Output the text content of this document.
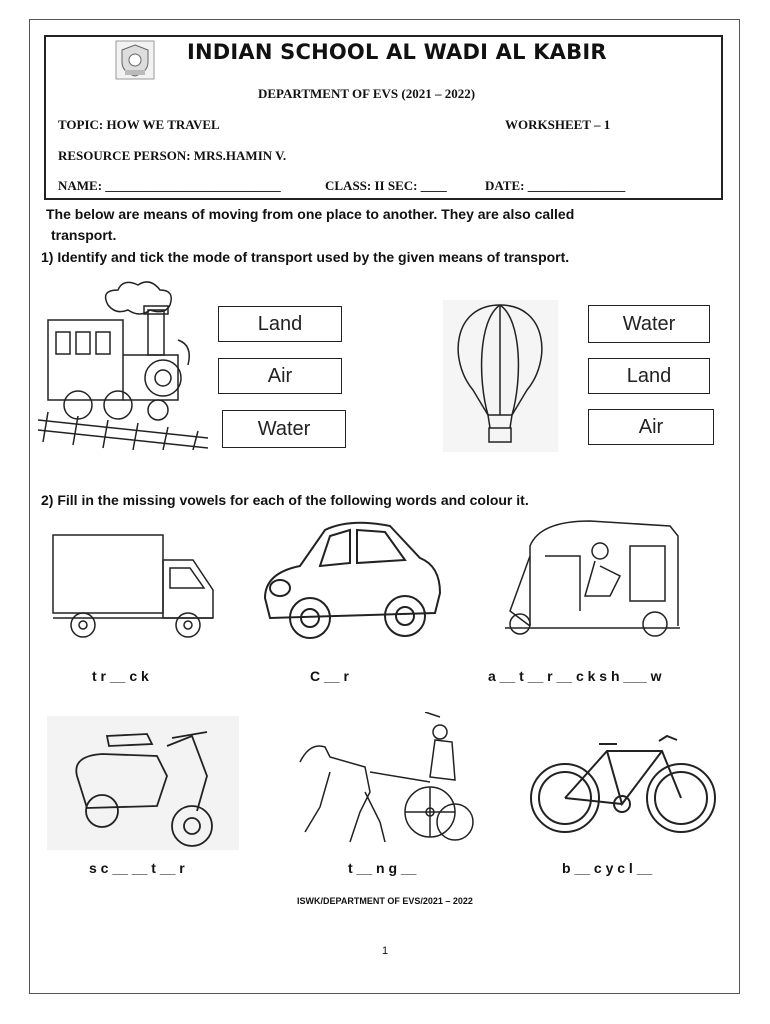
INDIAN SCHOOL AL WADI AL KABIR
DEPARTMENT OF EVS (2021 – 2022)
TOPIC: HOW WE TRAVEL	WORKSHEET – 1
RESOURCE PERSON: MRS.HAMIN V.
NAME: ___________________________	CLASS: II SEC: ____	DATE: _______________
The below are means of moving from one place to another. They are also called
transport.
1) Identify and tick the mode of transport used by the given means of transport.
Land
Air
Water
Water
Land
Air
2) Fill in the missing vowels for each of the following words and colour it.
t r __ c k	C __ r	a __ t __ r __ c k s h ___ w
s c __ __ t __ r	t __ n g __	b __ c y c l __
ISWK/DEPARTMENT OF EVS/2021 – 2022
1
